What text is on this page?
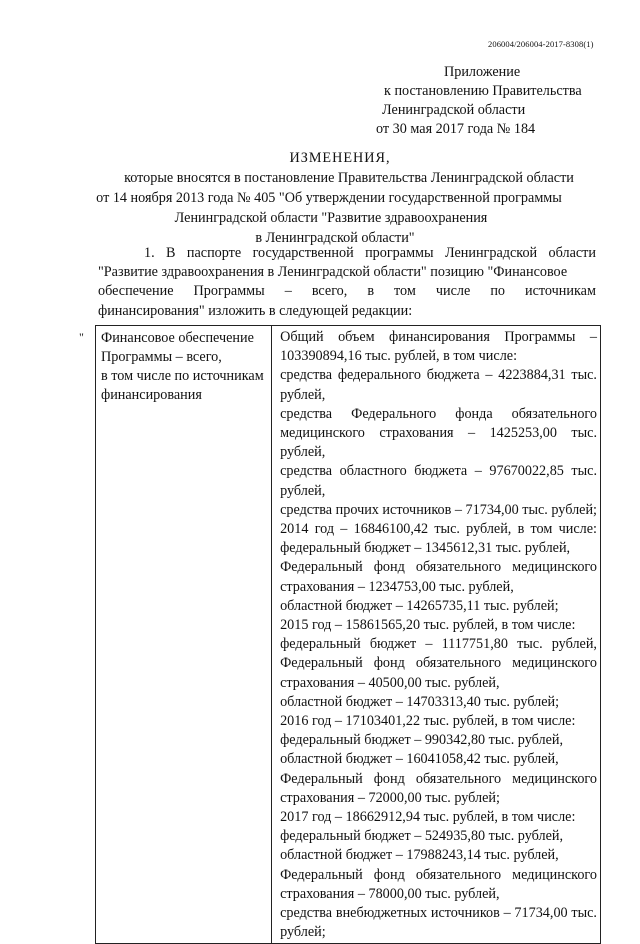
206004/206004-2017-8308(1)
Приложение
к постановлению Правительства
Ленинградской области
от 30 мая 2017 года № 184
ИЗМЕНЕНИЯ,
которые вносятся в постановление Правительства Ленинградской области
от 14 ноября 2013 года № 405 "Об утверждении государственной программы
Ленинградской области "Развитие здравоохранения
в Ленинградской области"
1. В паспорте государственной программы Ленинградской области
"Развитие здравоохранения в Ленинградской области" позицию "Финансовое
обеспечение Программы – всего, в том числе по источникам
финансирования" изложить в следующей редакции:
" Финансовое обеспечение
Программы – всего,
в том числе по источникам
финансирования

Общий объем финансирования Программы –
103390894,16 тыс. рублей, в том числе:
средства федерального бюджета – 4223884,31 тыс.
рублей,
средства Федерального фонда обязательного
медицинского страхования – 1425253,00 тыс.
рублей,
средства областного бюджета – 97670022,85 тыс.
рублей,
средства прочих источников – 71734,00 тыс. рублей;
2014 год – 16846100,42 тыс. рублей, в том числе:
федеральный бюджет – 1345612,31 тыс. рублей,
Федеральный фонд обязательного медицинского
страхования – 1234753,00 тыс. рублей,
областной бюджет – 14265735,11 тыс. рублей;
2015 год – 15861565,20 тыс. рублей, в том числе:
федеральный бюджет – 1117751,80 тыс. рублей,
Федеральный фонд обязательного медицинского
страхования – 40500,00 тыс. рублей,
областной бюджет – 14703313,40 тыс. рублей;
2016 год – 17103401,22 тыс. рублей, в том числе:
федеральный бюджет – 990342,80 тыс. рублей,
областной бюджет – 16041058,42 тыс. рублей,
Федеральный фонд обязательного медицинского
страхования – 72000,00 тыс. рублей;
2017 год – 18662912,94 тыс. рублей, в том числе:
федеральный бюджет – 524935,80 тыс. рублей,
областной бюджет – 17988243,14 тыс. рублей,
Федеральный фонд обязательного медицинского
страхования – 78000,00 тыс. рублей,
средства внебюджетных источников – 71734,00 тыс.
рублей;
